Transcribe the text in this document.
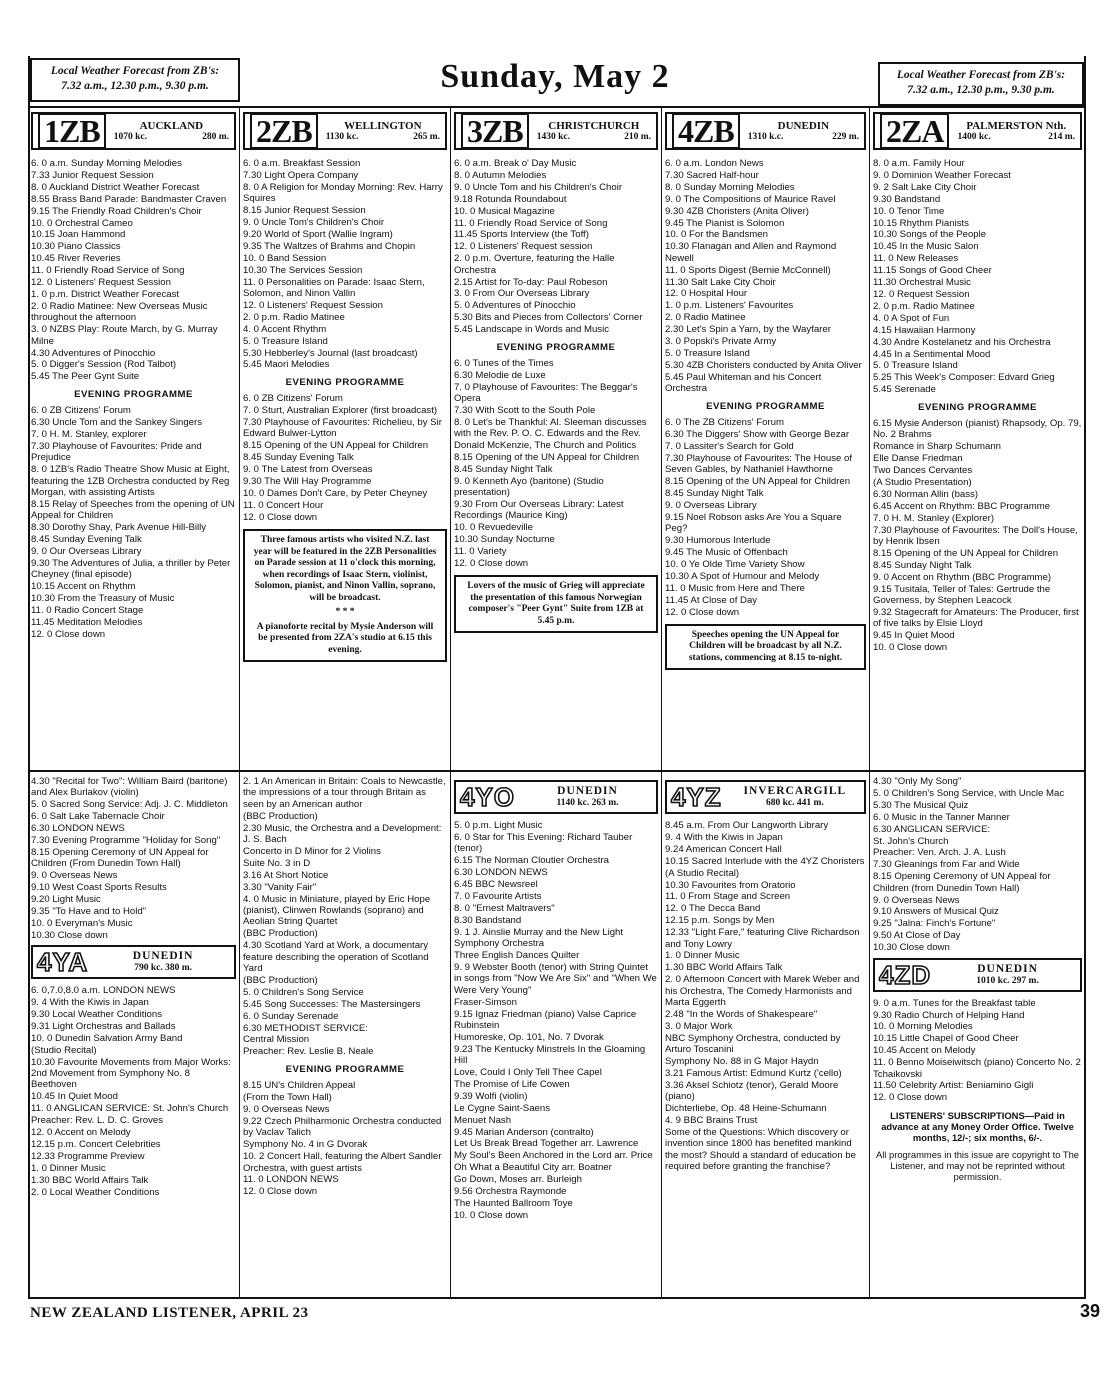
Local Weather Forecast from ZB's:
7.32 a.m., 12.30 p.m., 9.30 p.m.	Sunday, May 2	Local Weather Forecast from ZB's:
7.32 a.m., 12.30 p.m., 9.30 p.m.
1ZB	AUCKLAND
1070 kc.	280 m.
6. 0 a.m. Sunday Morning Melodies
7.33 Junior Request Session
8. 0 Auckland District Weather Forecast
8.55 Brass Band Parade: Bandmaster Craven
9.15 The Friendly Road Children's Choir
10. 0 Orchestral Cameo
10.15 Joan Hammond
10.30 Piano Classics
10.45 River Reveries
11. 0 Friendly Road Service of Song
12. 0 Listeners' Request Session
1. 0 p.m. District Weather Forecast
2. 0 Radio Matinee: New Overseas Music throughout the afternoon
3. 0 NZBS Play: Route March, by G. Murray Milne
4.30 Adventures of Pinocchio
5. 0 Digger's Session (Rod Talbot)
5.45 The Peer Gynt Suite
EVENING PROGRAMME
6. 0 ZB Citizens' Forum
6.30 Uncle Tom and the Sankey Singers
7. 0 H. M. Stanley, explorer
7.30 Playhouse of Favourites: Pride and Prejudice
8. 0 1ZB's Radio Theatre Show Music at Eight, featuring the 1ZB Orchestra conducted by Reg Morgan, with assisting Artists
8.15 Relay of Speeches from the opening of UN Appeal for Children
8.30 Dorothy Shay, Park Avenue Hill-Billy
8.45 Sunday Evening Talk
9. 0 Our Overseas Library
9.30 The Adventures of Julia, a thriller by Peter Cheyney (final episode)
10.15 Accent on Rhythm
10.30 From the Treasury of Music
11. 0 Radio Concert Stage
11.45 Meditation Melodies
12. 0 Close down
2ZB	WELLINGTON
1130 kc.	265 m.
6. 0 a.m. Breakfast Session
7.30 Light Opera Company
8. 0 A Religion for Monday Morning: Rev. Harry Squires
8.15 Junior Request Session
9. 0 Uncle Tom's Children's Choir
9.20 World of Sport (Wallie Ingram)
9.35 The Waltzes of Brahms and Chopin
10. 0 Band Session
10.30 The Services Session
11. 0 Personalities on Parade: Isaac Stern, Solomon, and Ninon Vallin
12. 0 Listeners' Request Session
2. 0 p.m. Radio Matinee
4. 0 Accent Rhythm
5. 0 Treasure Island
5.30 Hebberley's Journal (last broadcast)
5.45 Maori Melodies
EVENING PROGRAMME
6. 0 ZB Citizens' Forum
7. 0 Sturt, Australian Explorer (first broadcast)
7.30 Playhouse of Favourites: Richelieu, by Sir Edward Bulwer-Lytton
8.15 Opening of the UN Appeal for Children
8.45 Sunday Evening Talk
9. 0 The Latest from Overseas
9.30 The Will Hay Programme
10. 0 Dames Don't Care, by Peter Cheyney
11. 0 Concert Hour
12. 0 Close down
Three famous artists who visited N.Z. last year will be featured in the 2ZB Personalities on Parade session at 11 o'clock this morning, when recordings of Isaac Stern, violinist, Solomon, pianist, and Ninon Vallin, soprano, will be broadcast.
* * *
A pianoforte recital by Mysie Anderson will be presented from 2ZA's studio at 6.15 this evening.
3ZB	CHRISTCHURCH
1430 kc.	210 m.
6. 0 a.m. Break o' Day Music
8. 0 Autumn Melodies
9. 0 Uncle Tom and his Children's Choir
9.18 Rotunda Roundabout
10. 0 Musical Magazine
11. 0 Friendly Road Service of Song
11.45 Sports Interview (the Toff)
12. 0 Listeners' Request session
2. 0 p.m. Overture, featuring the Halle Orchestra
2.15 Artist for To-day: Paul Robeson
3. 0 From Our Overseas Library
5. 0 Adventures of Pinocchio
5.30 Bits and Pieces from Collectors' Corner
5.45 Landscape in Words and Music
EVENING PROGRAMME
6. 0 Tunes of the Times
6.30 Melodie de Luxe
7. 0 Playhouse of Favourites: The Beggar's Opera
7.30 With Scott to the South Pole
8. 0 Let's be Thankful: Al. Sleeman discusses with the Rev. P. O. C. Edwards and the Rev. Donald McKenzie, The Church and Politics
8.15 Opening of the UN Appeal for Children
8.45 Sunday Night Talk
9. 0 Kenneth Ayo (baritone) (Studio presentation)
9.30 From Our Overseas Library: Latest Recordings (Maurice King)
10. 0 Revuedeville
10.30 Sunday Nocturne
11. 0 Variety
12. 0 Close down
Lovers of the music of Grieg will appreciate the presentation of this famous Norwegian composer's "Peer Gynt" Suite from 1ZB at 5.45 p.m.
4ZB	DUNEDIN
1310 k.c.	229 m.
6. 0 a.m. London News
7.30 Sacred Half-hour
8. 0 Sunday Morning Melodies
9. 0 The Compositions of Maurice Ravel
9.30 4ZB Choristers (Anita Oliver)
9.45 The Pianist is Solomon
10. 0 For the Bandsmen
10.30 Flanagan and Allen and Raymond Newell
11. 0 Sports Digest (Bernie McConnell)
11.30 Salt Lake City Choir
12. 0 Hospital Hour
1. 0 p.m. Listeners' Favourites
2. 0 Radio Matinee
2.30 Let's Spin a Yarn, by the Wayfarer
3. 0 Popski's Private Army
5. 0 Treasure Island
5.30 4ZB Choristers conducted by Anita Oliver
5.45 Paul Whiteman and his Concert Orchestra
EVENING PROGRAMME
6. 0 The ZB Citizens' Forum
6.30 The Diggers' Show with George Bezar
7. 0 Lassiter's Search for Gold
7.30 Playhouse of Favourites: The House of Seven Gables, by Nathaniel Hawthorne
8.15 Opening of the UN Appeal for Children
8.45 Sunday Night Talk
9. 0 Overseas Library
9.15 Noel Robson asks Are You a Square Peg?
9.30 Humorous Interlude
9.45 The Music of Offenbach
10. 0 Ye Olde Time Variety Show
10.30 A Spot of Humour and Melody
11. 0 Music from Here and There
11.45 At Close of Day
12. 0 Close down
Speeches opening the UN Appeal for Children will be broadcast by all N.Z. stations, commencing at 8.15 to-night.
2ZA	PALMERSTON Nth.
1400 kc.	214 m.
8. 0 a.m. Family Hour
9. 0 Dominion Weather Forecast
9. 2 Salt Lake City Choir
9.30 Bandstand
10. 0 Tenor Time
10.15 Rhythm Pianists
10.30 Songs of the People
10.45 In the Music Salon
11. 0 New Releases
11.15 Songs of Good Cheer
11.30 Orchestral Music
12. 0 Request Session
2. 0 p.m. Radio Matinee
4. 0 A Spot of Fun
4.15 Hawaiian Harmony
4.30 Andre Kostelanetz and his Orchestra
4.45 In a Sentimental Mood
5. 0 Treasure Island
5.25 This Week's Composer: Edvard Grieg
5.45 Serenade
EVENING PROGRAMME
6.15 Mysie Anderson (pianist) Rhapsody, Op. 79, No. 2 Brahms
Romance in Sharp Schumann
Elle Danse Friedman
Two Dances Cervantes
(A Studio Presentation)
6.30 Norman Allin (bass)
6.45 Accent on Rhythm: BBC Programme
7. 0 H. M. Stanley (Explorer)
7.30 Playhouse of Favourites: The Doll's House, by Henrik Ibsen
8.15 Opening of the UN Appeal for Children
8.45 Sunday Night Talk
9. 0 Accent on Rhythm (BBC Programme)
9.15 Tusitala, Teller of Tales: Gertrude the Governess, by Stephen Leacock
9.32 Stagecraft for Amateurs: The Producer, first of five talks by Elsie Lloyd
9.45 In Quiet Mood
10. 0 Close down
4.30 "Recital for Two": William Baird (baritone) and Alex Burlakov (violin)
5. 0 Sacred Song Service: Adj. J. C. Middleton
6. 0 Salt Lake Tabernacle Choir
6.30 LONDON NEWS
7.30 Evening Programme "Holiday for Song"
8.15 Opening Ceremony of UN Appeal for Children (From Dunedin Town Hall)
9. 0 Overseas News
9.10 West Coast Sports Results
9.20 Light Music
9.35 "To Have and to Hold"
10. 0 Everyman's Music
10.30 Close down
4YA	DUNEDIN
790 kc. 380 m.
6. 0,7.0,8.0 a.m. LONDON NEWS
9. 4 With the Kiwis in Japan
9.30 Local Weather Conditions
9.31 Light Orchestras and Ballads
10. 0 Dunedin Salvation Army Band
(Studio Recital)
10.30 Favourite Movements from Major Works: 2nd Movement from Symphony No. 8 Beethoven
10.45 In Quiet Mood
11. 0 ANGLICAN SERVICE: St. John's Church
Preacher: Rev. L. D. C. Groves
12. 0 Accent on Melody
12.15 p.m. Concert Celebrities
12.33 Programme Preview
1. 0 Dinner Music
1.30 BBC World Affairs Talk
2. 0 Local Weather Conditions
2. 1 An American in Britain: Coals to Newcastle, the impressions of a tour through Britain as seen by an American author
(BBC Production)
2.30 Music, the Orchestra and a Development: J. S. Bach
Concerto in D Minor for 2 Violins
Suite No. 3 in D
3.16 At Short Notice
3.30 "Vanity Fair"
4. 0 Music in Miniature, played by Eric Hope (pianist), Clinwen Rowlands (soprano) and Aeolian String Quartet
(BBC Production)
4.30 Scotland Yard at Work, a documentary feature describing the operation of Scotland Yard
(BBC Production)
5. 0 Children's Song Service
5.45 Song Successes: The Mastersingers
6. 0 Sunday Serenade
6.30 METHODIST SERVICE:
Central Mission
Preacher: Rev. Leslie B. Neale
EVENING PROGRAMME
8.15 UN's Children Appeal
(From the Town Hall)
9. 0 Overseas News
9.22 Czech Philharmonic Orchestra conducted by Vaclav Talich
Symphony No. 4 in G Dvorak
10. 2 Concert Hall, featuring the Albert Sandler Orchestra, with guest artists
11. 0 LONDON NEWS
12. 0 Close down
4YO	DUNEDIN
1140 kc. 263 m.
5. 0 p.m. Light Music
6. 0 Star for This Evening: Richard Tauber (tenor)
6.15 The Norman Cloutier Orchestra
6.30 LONDON NEWS
6.45 BBC Newsreel
7. 0 Favourite Artists
8. 0 "Ernest Maltravers"
8.30 Bandstand
9. 1 J. Ainslie Murray and the New Light Symphony Orchestra
Three English Dances Quilter
9. 9 Webster Booth (tenor) with String Quintet in songs from "Now We Are Six" and "When We Were Very Young"
Fraser-Simson
9.15 Ignaz Friedman (piano) Valse Caprice Rubinstein
Humoreske, Op. 101, No. 7 Dvorak
9.23 The Kentucky Minstrels In the Gloaming Hill
Love, Could I Only Tell Thee Capel
The Promise of Life Cowen
9.39 Wolfi (violin)
Le Cygne Saint-Saens
Menuet Nash
9.45 Marian Anderson (contralto)
Let Us Break Bread Together arr. Lawrence
My Soul's Been Anchored in the Lord arr. Price
Oh What a Beautiful City arr. Boatner
Go Down, Moses arr. Burleigh
9.56 Orchestra Raymonde
The Haunted Ballroom Toye
10. 0 Close down
4YZ	INVERCARGILL
680 kc. 441 m.
8.45 a.m. From Our Langworth Library
9. 4 With the Kiwis in Japan
9.24 American Concert Hall
10.15 Sacred Interlude with the 4YZ Choristers
(A Studio Recital)
10.30 Favourites from Oratorio
11. 0 From Stage and Screen
12. 0 The Decca Band
12.15 p.m. Songs by Men
12.33 "Light Fare," featuring Clive Richardson and Tony Lowry
1. 0 Dinner Music
1.30 BBC World Affairs Talk
2. 0 Afternoon Concert with Marek Weber and his Orchestra, The Comedy Harmonists and Marta Eggerth
2.48 "In the Words of Shakespeare"
3. 0 Major Work
NBC Symphony Orchestra, conducted by Arturo Toscanini
Symphony No. 88 in G Major Haydn
3.21 Famous Artist: Edmund Kurtz ('cello)
3.36 Aksel Schiotz (tenor), Gerald Moore (piano)
Dichterliebe, Op. 48 Heine-Schumann
4. 9 BBC Brains Trust
Some of the Questions: Which discovery or invention since 1800 has benefited mankind the most? Should a standard of education be required before granting the franchise?
4.30 "Only My Song"
5. 0 Children's Song Service, with Uncle Mac
5.30 The Musical Quiz
6. 0 Music in the Tanner Manner
6.30 ANGLICAN SERVICE:
St. John's Church
Preacher: Ven. Arch. J. A. Lush
7.30 Gleanings from Far and Wide
8.15 Opening Ceremony of UN Appeal for Children (from Dunedin Town Hall)
9. 0 Overseas News
9.10 Answers of Musical Quiz
9.25 "Jalna: Finch's Fortune"
9.50 At Close of Day
10.30 Close down
4ZD	DUNEDIN
1010 kc. 297 m.
9. 0 a.m. Tunes for the Breakfast table
9.30 Radio Church of Helping Hand
10. 0 Morning Melodies
10.15 Little Chapel of Good Cheer
10.45 Accent on Melody
11. 0 Benno Moiseiwitsch (piano) Concerto No. 2 Tchaikovski
11.50 Celebrity Artist: Beniamino Gigli
12. 0 Close down
LISTENERS' SUBSCRIPTIONS—Paid in advance at any Money Order Office. Twelve months, 12/-; six months, 6/-.
All programmes in this issue are copyright to The Listener, and may not be reprinted without permission.
NEW ZEALAND LISTENER, APRIL 23	39
